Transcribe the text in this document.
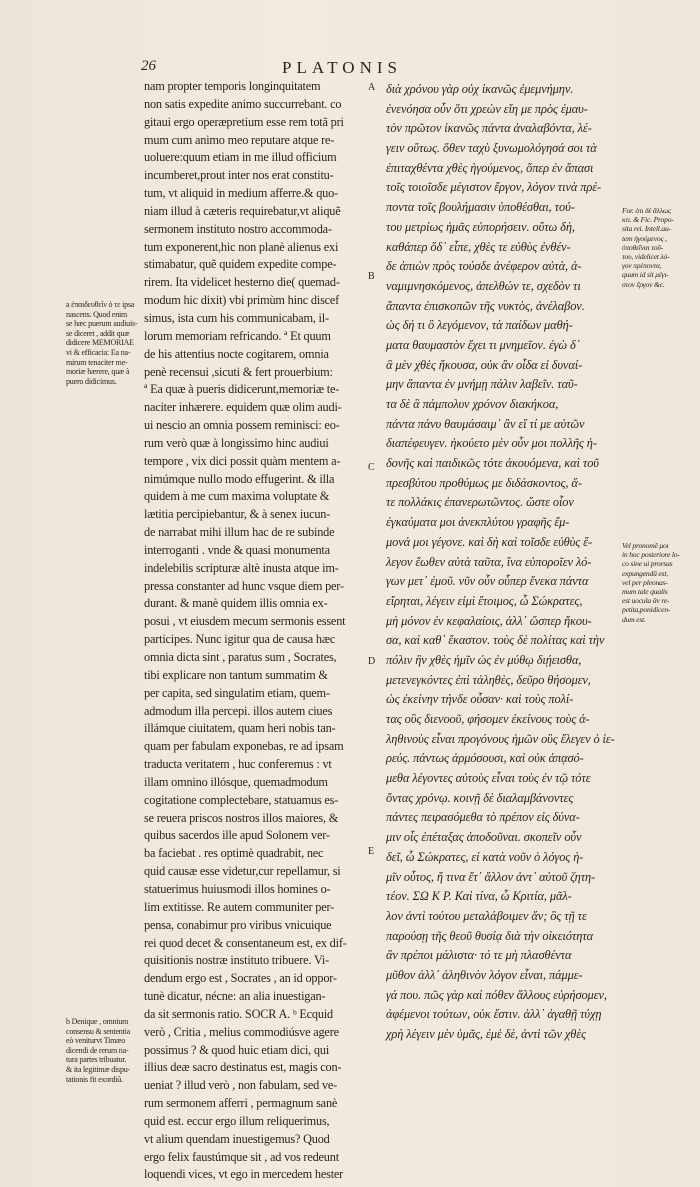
26	PLATONIS
nam propter temporis longinquitatem
non satis expedite animo succurrebant. co
gitaui ergo operæpretium esse rem totã pri
mum cum animo meo reputare atque re-
uoluere:quum etiam in me illud officium
incumberet,prout inter nos erat constitu-
tum, vt aliquid in medium afferre.& quo-
niam illud à cæteris requirebatur,vt aliquẽ
sermonem instituto nostro accommoda-
tum exponerent,hic non planè alienus exi
stimabatur, quẽ quidem expedite compe-
rirem. Ita videlicet hesterno die( quemad-
modum hic dixit) vbi primùm hinc discef
simus, ista cum his communicabam, il-
lorum memoriam refricando. ª Et quum
de his attentius nocte cogitarem, omnia
penè recensui ,sicuti & fert prouerbium:
ª Ea quæ à pueris didicerunt,memoriæ te-
naciter inhærere. equidem quæ olim audi-
ui nescio an omnia possem reminisci: eo-
rum verò quæ à longissimo hinc audiui
tempore , vix dici possit quàm mentem a-
nimúmque nullo modo effugerint. & illa
quidem à me cum maxima voluptate &
lætitia percipiebantur, & à senex iucun-
de narrabat mihi illum hac de re subinde
interroganti . vnde & quasi monumenta
indelebilis scripturæ altè inusta atque im-
pressa constanter ad hunc vsque diem per-
durant. & manè quidem illis omnia ex-
posui , vt eiusdem mecum sermonis essent
participes. Nunc igitur qua de causa hæc
omnia dicta sint , paratus sum , Socrates,
tibi explicare non tantum summatim &
per capita, sed singulatim etiam, quem-
admodum illa percepi. illos autem ciues
illámque ciuitatem, quam heri nobis tan-
quam per fabulam exponebas, re ad ipsam
traducta veritatem , huc conferemus : vt
illam omnino illósque, quemadmodum
cogitatione complectebare, statuamus es-
se reuera priscos nostros illos maiores, &
quibus sacerdos ille apud Solonem ver-
ba faciebat . res optimè quadrabit, nec
quid causæ esse videtur,cur repellamur, si
statuerimus huiusmodi illos homines o-
lim extitisse. Re autem communiter per-
pensa, conabimur pro viribus vnicuique
rei quod decet & consentaneum est, ex dif-
quisitionis nostræ instituto tribuere. Vi-
dendum ergo est , Socrates , an id oppor-
tunè dicatur, nécne: an alia inuestigan-
da sit sermonis ratio. SOCR A. ᵇ Ecquid
verò , Critia , melius commodiúsve agere
possimus ? & quod huic etiam dici, qui
illius deæ sacro destinatus est, magis con-
ueniat ? illud verò , non fabulam, sed ve-
rum sermonem afferri , permagnum sanè
quid est. eccur ergo illum reliquerimus,
vt alium quendam inuestigemus? Quod
ergo felix faustúmque sit , ad vos redeunt
loquendi vices, vt ego in mercedem hester
A
B
C
D
E
διὰ χρόνου γὰρ οὐχ ἱκανῶς ἐμεμνήμην.
ἐνενόησα οὖν ὅτι χρεὼν εἴη με πρὸς ἐμαυ-
τὸν πρῶτον ἱκανῶς πάντα ἀναλαβόντα, λέ-
γειν οὕτως. ὅθεν ταχὺ ξυνωμολόγησά σοι τὰ
ἐπιταχθέντα χθὲς ἡγούμενος, ὅπερ ἐν ἅπασι
τοῖς τοιοῖσδε μέγιστον ἔργον, λόγον τινὰ πρέ-
ποντα τοῖς βουλήμασιν ὑποθέσθαι, τού-
του μετρίως ἡμᾶς εὐπορήσειν. οὕτω δὴ,
καθάπερ ὅδ᾽ εἶπε, χθὲς τε εὐθὺς ἐνθέν-
δε ἀπιὼν πρὸς τούσδε ἀνέφερον αὐτὰ, ἀ-
ναμιμνησκόμενος, ἀπελθών τε, σχεδὸν τι
ἅπαντα ἐπισκοπῶν τῆς νυκτὸς, ἀνέλαβον.
ὡς δή τι ὃ λεγόμενον, τὰ παίδων μαθή-
ματα θαυμαστὸν ἔχει τι μνημεῖον. ἐγὼ δ᾽
ἃ μὲν χθὲς ἤκουσα, οὐκ ἂν οἶδα εἰ δυναί-
μην ἅπαντα ἐν μνήμῃ πάλιν λαβεῖν. ταῦ-
τα δὲ ἃ πάμπολυν χρόνον διακήκοα,
πάντα πάνυ θαυμάσαιμ᾽ ἂν εἴ τί με αὐτῶν
διαπέφευγεν. ἠκούετο μὲν οὖν μοι πολλῆς ἡ-
δονῆς καὶ παιδικῶς τότε ἀκουόμενα, καὶ τοῦ
πρεσβύτου προθύμως με διδάσκοντος, ἅ-
τε πολλάκις ἐπανερωτῶντος. ὥστε οἷον
ἐγκαύματα μοι ἀνεκπλύτου γραφῆς ἔμ-
μονά μοι γέγονε. καὶ δὴ καὶ τοῖσδε εὐθὺς ἕ-
λεγον ἕωθεν αὐτὰ ταῦτα, ἵνα εὐποροῖεν λό-
γων μετ᾽ ἐμοῦ. νῦν οὖν οὗπερ ἕνεκα πάντα
εἴρηται, λέγειν εἰμὶ ἕτοιμος, ὦ Σώκρατες,
μὴ μόνον ἐν κεφαλαίοις, ἀλλ᾽ ὥσπερ ἤκου-
σα, καὶ καθ᾽ ἕκαστον. τοὺς δὲ πολίτας καὶ τὴν
πόλιν ἣν χθὲς ἡμῖν ὡς ἐν μύθῳ διῄεισθα,
μετενεγκόντες ἐπὶ τἀληθὲς, δεῦρο θήσομεν,
ὡς ἐκείνην τήνδε οὖσαν· καὶ τοὺς πολί-
τας οὓς διενοοῦ, φήσομεν ἐκείνους τοὺς ἀ-
ληθινοὺς εἶναι προγόνους ἡμῶν οὓς ἔλεγεν ὁ ἱε-
ρεύς. πάντως ἁρμόσουσι, καὶ οὐκ ἀπᾳσό-
μεθα λέγοντες αὐτοὺς εἶναι τοὺς ἐν τῷ τότε
ὄντας χρόνῳ. κοινῇ δὲ διαλαμβάνοντες
πάντες πειρασόμεθα τὸ πρέπον εἰς δύνα-
μιν οἷς ἐπέταξας ἀποδοῦναι. σκοπεῖν οὖν
δεῖ, ὦ Σώκρατες, εἰ κατὰ νοῦν ὁ λόγος ἡ-
μῖν οὗτος, ἤ τινα ἔτ᾽ ἄλλον ἀντ᾽ αὐτοῦ ζητη-
τέον. ΣΩ Κ Ρ. Καὶ τίνα, ὦ Κριτία, μᾶλ-
λον ἀντὶ τούτου μεταλάβοιμεν ἄν; ὃς τῇ τε
παρούσῃ τῆς θεοῦ θυσίᾳ διὰ τὴν οἰκειότητα
ἂν πρέποι μάλιστα· τό τε μὴ πλασθέντα
μῦθον ἀλλ᾽ ἀληθινὸν λόγον εἶναι, πάμμε-
γά που. πῶς γὰρ καὶ πόθεν ἄλλους εὑρήσομεν,
ἀφέμενοι τούτων, οὐκ ἔστιν. ἀλλ᾽ ἀγαθῇ τύχῃ
χρὴ λέγειν μὲν ὑμᾶς, ἐμὲ δὲ, ἀντὶ τῶν χθὲς
a ἐπαιδευθεῖν ὁ τε ipsa
nascens. Quod enim
se hæc puerum audiuis-
se diceret , addit quæ
didicere MEMORIAE
vi & efficacia: Ea na-
mirum tenaciter me-
moriæ hærere, quæ à
puero didicimus.
b Denique , omnium
consensu & sententia
eò veniturvt Timæo
dicendi de rerum na-
tura partes tribuatur.
& ita legitimæ dispu-
tationis fit exordiũ.
For. ὁτι δὲ ἄλλως
κτι. & Fic. Propo-
sita rei. Intell.au-
tem ἡγούμενος ,
ὑποθεῖναι τοῦ-
του, videlicet λό-
γον πρέποντα,
quum id sit μέγι-
στον ἔργον &c.
Vel pronomē μοι
in hoc posteriore lo-
co sine ui prorsus
expungendū est,
vel per pleonas-
mum tale qualis
est uocula ἂν re-
petita,ponidicen-
dum est.
